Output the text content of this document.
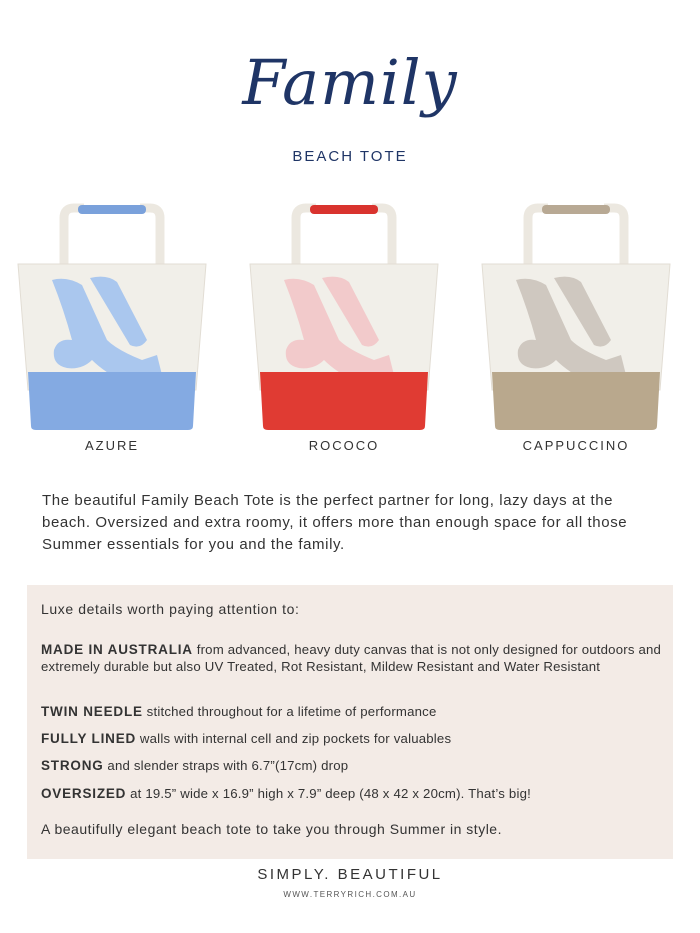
Family
BEACH TOTE
AZURE	ROCOCO	CAPPUCCINO
The beautiful Family Beach Tote is the perfect partner for long, lazy days at the beach. Oversized and extra roomy, it offers more than enough space for all those Summer essentials for you and the family.
Luxe details worth paying attention to:
MADE IN AUSTRALIA from advanced, heavy duty canvas that is not only designed for outdoors and extremely durable but also UV Treated, Rot Resistant, Mildew Resistant and Water Resistant
TWIN NEEDLE stitched throughout for a lifetime of performance
FULLY LINED walls with internal cell and zip pockets for valuables
STRONG and slender straps with 6.7”(17cm) drop
OVERSIZED at 19.5” wide x 16.9” high x 7.9” deep (48 x 42 x 20cm). That’s big!
A beautifully elegant beach tote to take you through Summer in style.
SIMPLY. BEAUTIFUL
WWW.TERRYRICH.COM.AU
